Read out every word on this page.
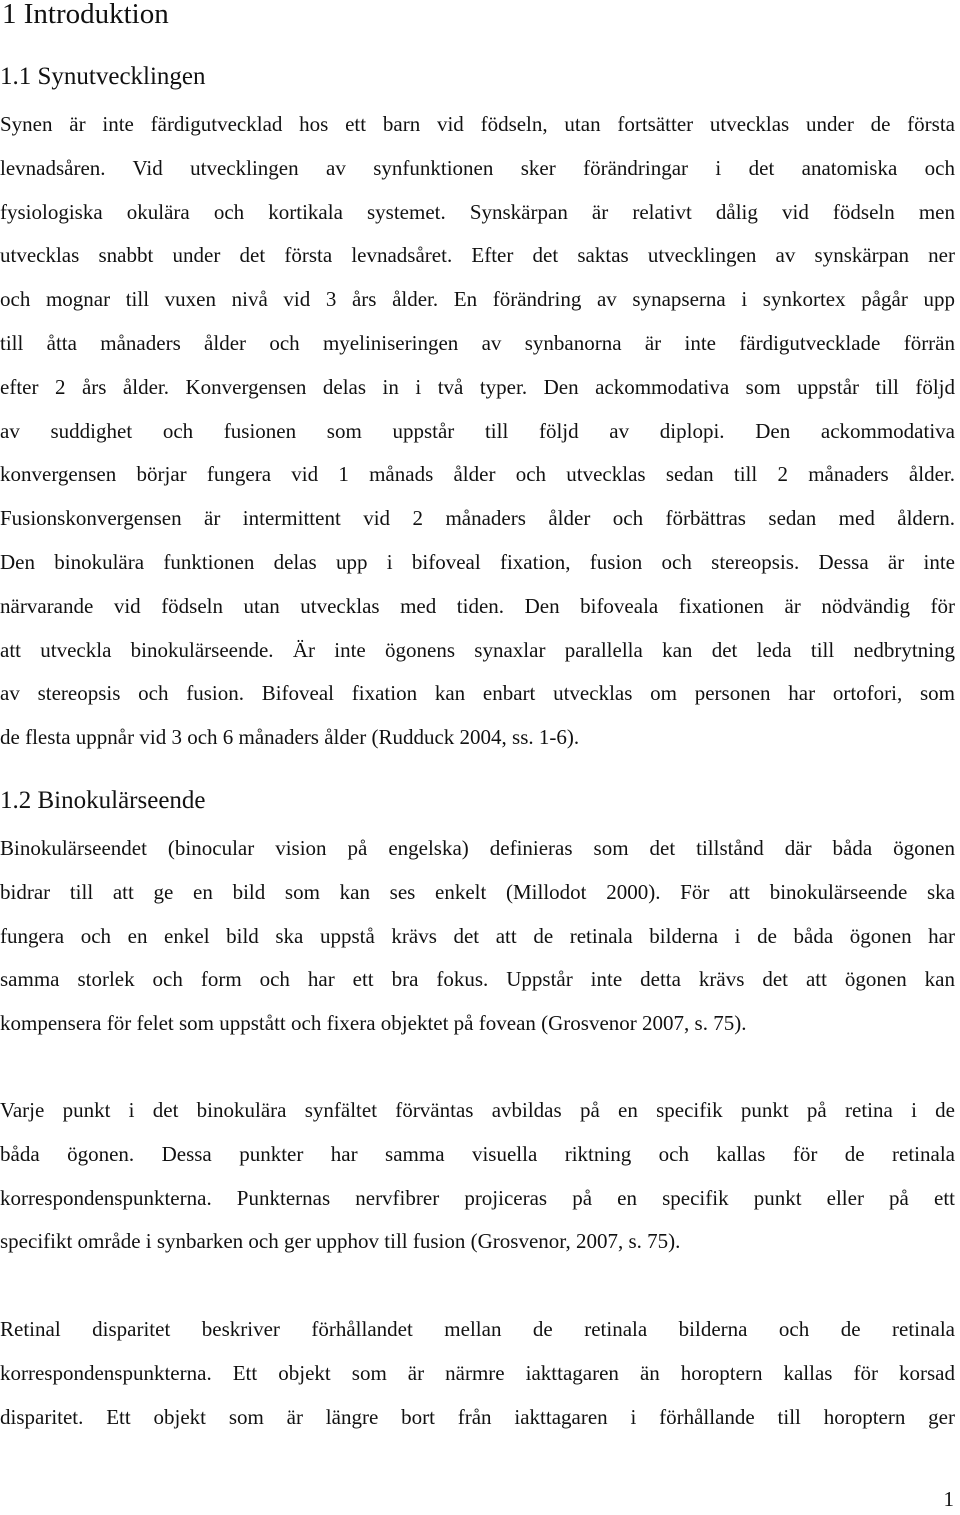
1 Introduktion
1.1 Synutvecklingen
Synen är inte färdigutvecklad hos ett barn vid födseln, utan fortsätter utvecklas under de första
levnadsåren. Vid utvecklingen av synfunktionen sker förändringar i det anatomiska och
fysiologiska okulära och kortikala systemet. Synskärpan är relativt dålig vid födseln men
utvecklas snabbt under det första levnadsåret. Efter det saktas utvecklingen av synskärpan ner
och mognar till vuxen nivå vid 3 års ålder. En förändring av synapserna i synkortex pågår upp
till åtta månaders ålder och myeliniseringen av synbanorna är inte färdigutvecklade förrän
efter 2 års ålder. Konvergensen delas in i två typer. Den ackommodativa som uppstår till följd
av suddighet och fusionen som uppstår till följd av diplopi. Den ackommodativa
konvergensen börjar fungera vid 1 månads ålder och utvecklas sedan till 2 månaders ålder.
Fusionskonvergensen är intermittent vid 2 månaders ålder och förbättras sedan med åldern.
Den binokulära funktionen delas upp i bifoveal fixation, fusion och stereopsis. Dessa är inte
närvarande vid födseln utan utvecklas med tiden. Den bifoveala fixationen är nödvändig för
att utveckla binokulärseende. Är inte ögonens synaxlar parallella kan det leda till nedbrytning
av stereopsis och fusion. Bifoveal fixation kan enbart utvecklas om personen har ortofori, som
de flesta uppnår vid 3 och 6 månaders ålder (Rudduck 2004, ss. 1-6).
1.2 Binokulärseende
Binokulärseendet (binocular vision på engelska) definieras som det tillstånd där båda ögonen
bidrar till att ge en bild som kan ses enkelt (Millodot 2000). För att binokulärseende ska
fungera och en enkel bild ska uppstå krävs det att de retinala bilderna i de båda ögonen har
samma storlek och form och har ett bra fokus. Uppstår inte detta krävs det att ögonen kan
kompensera för felet som uppstått och fixera objektet på fovean (Grosvenor 2007, s. 75).
Varje punkt i det binokulära synfältet förväntas avbildas på en specifik punkt på retina i de
båda ögonen. Dessa punkter har samma visuella riktning och kallas för de retinala
korrespondenspunkterna. Punkternas nervfibrer projiceras på en specifik punkt eller på ett
specifikt område i synbarken och ger upphov till fusion (Grosvenor, 2007, s. 75).
Retinal disparitet beskriver förhållandet mellan de retinala bilderna och de retinala
korrespondenspunkterna. Ett objekt som är närmre iakttagaren än horoptern kallas för korsad
disparitet. Ett objekt som är längre bort från iakttagaren i förhållande till horoptern ger
1
